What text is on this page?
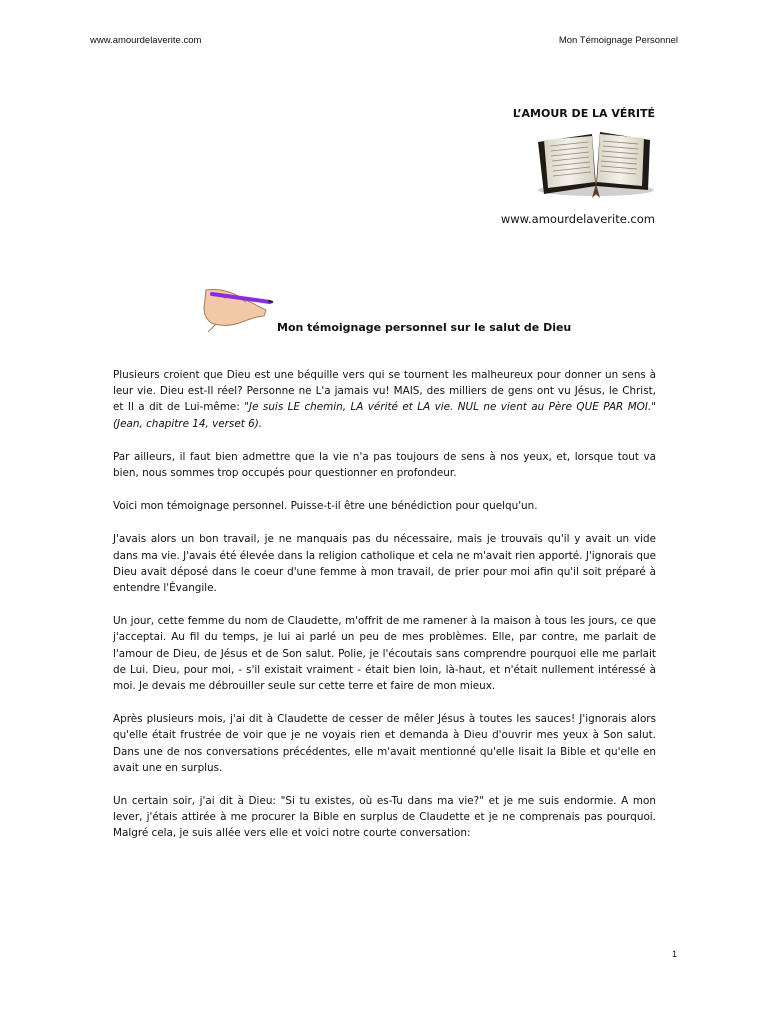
www.amourdelaverite.com	Mon Témoignage Personnel
L’AMOUR DE LA VÉRITÉ
www.amourdelaverite.com
Mon témoignage personnel sur le salut de Dieu

Plusieurs croient que Dieu est une béquille vers qui se tournent les malheureux pour donner un sens à leur vie. Dieu est-Il réel? Personne ne L'a jamais vu! MAIS, des milliers de gens ont vu Jésus, le Christ, et Il a dit de Lui-même: "Je suis LE chemin, LA vérité et LA vie. NUL ne vient au Père QUE PAR MOI." (Jean, chapitre 14, verset 6).

Par ailleurs, il faut bien admettre que la vie n'a pas toujours de sens à nos yeux, et, lorsque tout va bien, nous sommes trop occupés pour questionner en profondeur.

Voici mon témoignage personnel. Puisse-t-il être une bénédiction pour quelqu'un.

J'avais alors un bon travail, je ne manquais pas du nécessaire, mais je trouvais qu'il y avait un vide dans ma vie. J'avais été élevée dans la religion catholique et cela ne m'avait rien apporté. J'ignorais que Dieu avait déposé dans le coeur d'une femme à mon travail, de prier pour moi afin qu'il soit préparé à entendre l'Évangile.

Un jour, cette femme du nom de Claudette, m'offrit de me ramener à la maison à tous les jours, ce que j'acceptai. Au fil du temps, je lui ai parlé un peu de mes problèmes. Elle, par contre, me parlait de l'amour de Dieu, de Jésus et de Son salut. Polie, je l'écoutais sans comprendre pourquoi elle me parlait de Lui. Dieu, pour moi, - s'il existait vraiment - était bien loin, là-haut, et n'était nullement intéressé à moi. Je devais me débrouiller seule sur cette terre et faire de mon mieux.

Après plusieurs mois, j'ai dit à Claudette de cesser de mêler Jésus à toutes les sauces! J'ignorais alors qu'elle était frustrée de voir que je ne voyais rien et demanda à Dieu d'ouvrir mes yeux à Son salut. Dans une de nos conversations précédentes, elle m'avait mentionné qu'elle lisait la Bible et qu'elle en avait une en surplus.

Un certain soir, j'ai dit à Dieu: "Si tu existes, où es-Tu dans ma vie?" et je me suis endormie. A mon lever, j'étais attirée à me procurer la Bible en surplus de Claudette et je ne comprenais pas pourquoi. Malgré cela, je suis allée vers elle et voici notre courte conversation:

1
